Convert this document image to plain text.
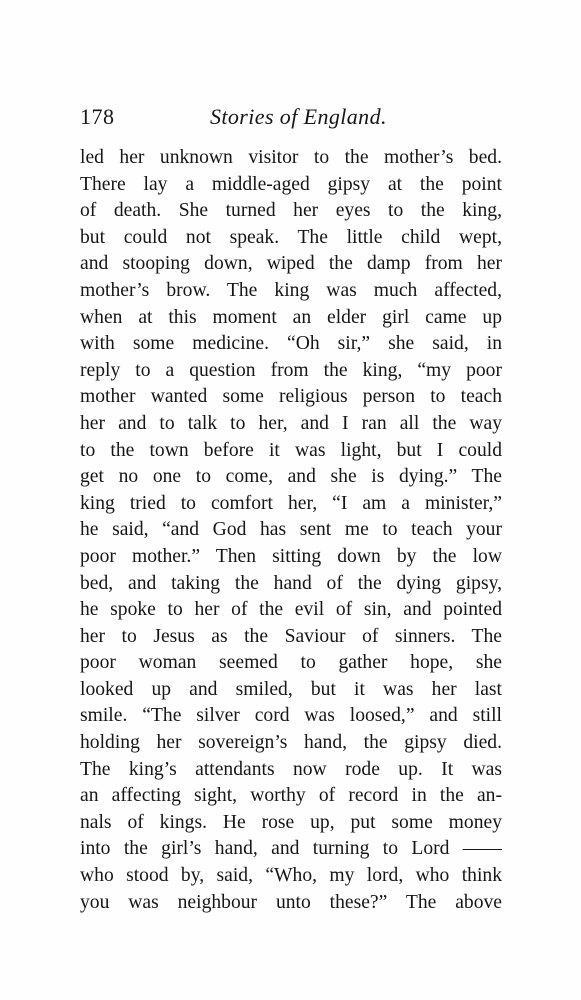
178	Stories of England.
led her unknown visitor to the mother’s bed.
There lay a middle-aged gipsy at the point
of death. She turned her eyes to the king,
but could not speak. The little child wept,
and stooping down, wiped the damp from her
mother’s brow. The king was much affected,
when at this moment an elder girl came up
with some medicine. “Oh sir,” she said, in
reply to a question from the king, “my poor
mother wanted some religious person to teach
her and to talk to her, and I ran all the way
to the town before it was light, but I could
get no one to come, and she is dying.” The
king tried to comfort her, “I am a minister,”
he said, “and God has sent me to teach your
poor mother.” Then sitting down by the low
bed, and taking the hand of the dying gipsy,
he spoke to her of the evil of sin, and pointed
her to Jesus as the Saviour of sinners. The
poor woman seemed to gather hope, she
looked up and smiled, but it was her last
smile. “The silver cord was loosed,” and still
holding her sovereign’s hand, the gipsy died.
The king’s attendants now rode up. It was
an affecting sight, worthy of record in the an-
nals of kings. He rose up, put some money
into the girl’s hand, and turning to Lord ——
who stood by, said, “Who, my lord, who think
you was neighbour unto these?” The above
